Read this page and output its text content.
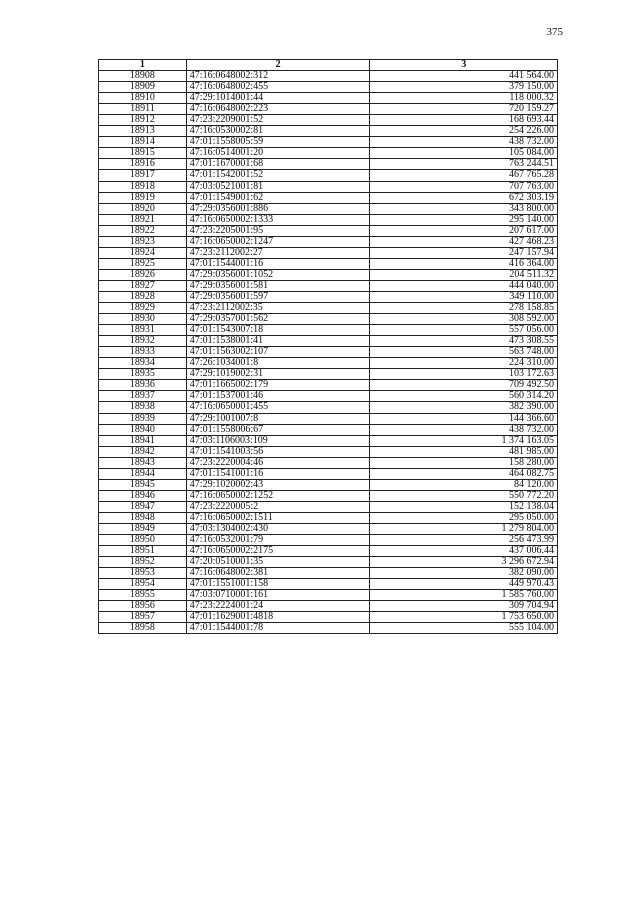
375
1	2	3
18908	47:16:0648002:312	441 564.00
18909	47:16:0648002:455	379 150.00
18910	47:29:1014001:44	118 000.32
18911	47:16:0648002:223	720 159.27
18912	47:23:2209001:52	168 693.44
18913	47:16:0530002:81	254 226.00
18914	47:01:1558005:59	438 732.00
18915	47:16:0514001:20	105 084.00
18916	47:01:1670001:68	763 244.51
18917	47:01:1542001:52	467 765.28
18918	47:03:0521001:81	707 763.00
18919	47:01:1549001:62	672 303.19
18920	47:29:0356001:886	343 800.00
18921	47:16:0650002:1333	295 140.00
18922	47:23:2205001:95	207 617.00
18923	47:16:0650002:1247	427 468.23
18924	47:23:2112002:27	247 157.94
18925	47:01:1544001:16	416 364.00
18926	47:29:0356001:1052	204 511.32
18927	47:29:0356001:581	444 040.00
18928	47:29:0356001:597	349 110.00
18929	47:23:2112002:35	278 158.85
18930	47:29:0357001:562	308 592.00
18931	47:01:1543007:18	557 056.00
18932	47:01:1538001:41	473 308.55
18933	47:01:1563002:107	563 748.00
18934	47:26:1034001:8	224 310.00
18935	47:29:1019002:31	103 172.63
18936	47:01:1665002:179	709 492.50
18937	47:01:1537001:46	560 314.20
18938	47:16:0650001:455	382 390.00
18939	47:29:1001007:8	144 366.60
18940	47:01:1558006:67	438 732.00
18941	47:03:1106003:109	1 374 163.05
18942	47:01:1541003:56	481 985.00
18943	47:23:2220004:46	158 280.00
18944	47:01:1541001:16	464 082.75
18945	47:29:1020002:43	84 120.00
18946	47:16:0650002:1252	550 772.20
18947	47:23:2220005:2	152 138.04
18948	47:16:0650002:1511	295 050.00
18949	47:03:1304002:430	1 279 804.00
18950	47:16:0532001:79	256 473.99
18951	47:16:0650002:2175	437 006.44
18952	47:20:0510001:35	3 296 672.94
18953	47:16:0648002:381	382 090.00
18954	47:01:1551001:158	449 970.43
18955	47:03:0710001:161	1 585 760.00
18956	47:23:2224001:24	309 704.94
18957	47:01:1629001:4818	1 753 650.00
18958	47:01:1544001:78	555 104.00
